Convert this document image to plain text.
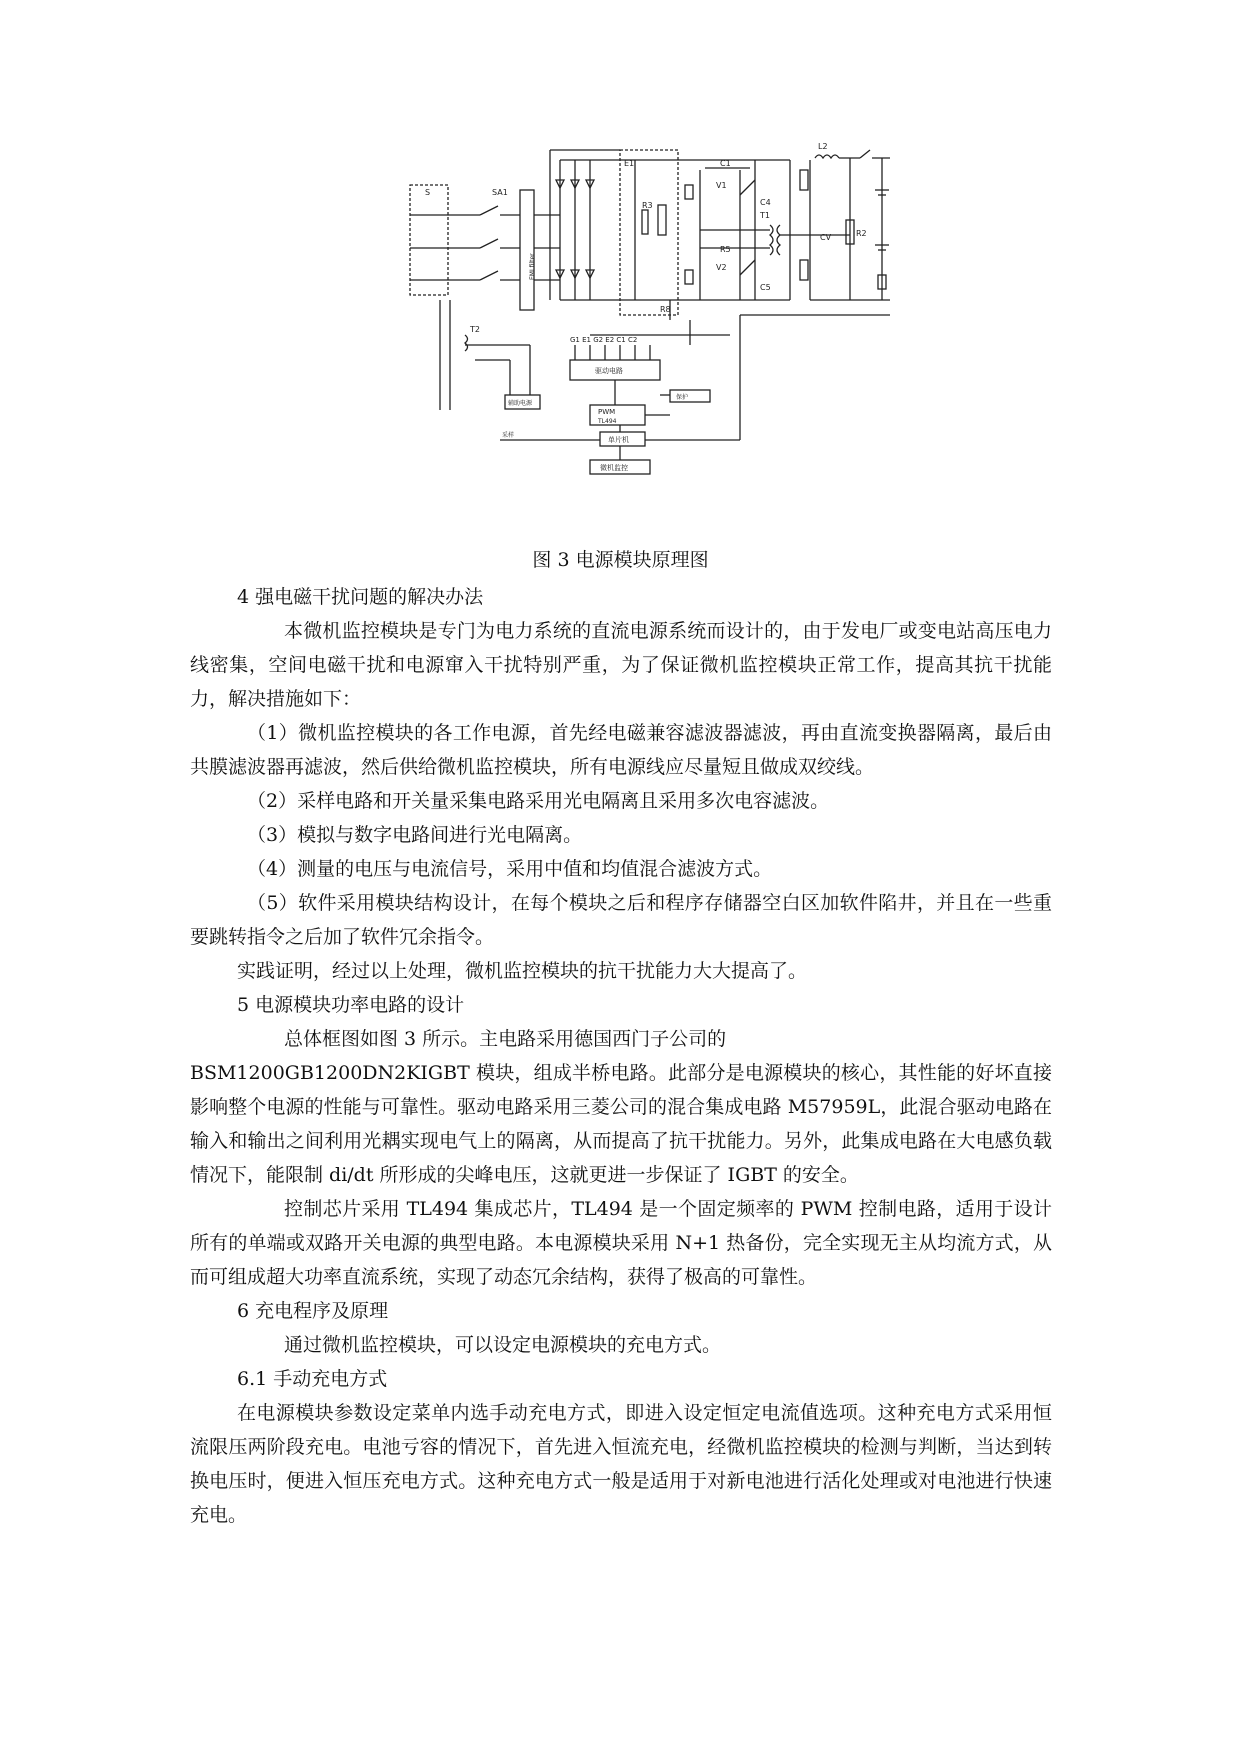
S	SA1
EMI filter
E1	C1
L2
T2
R8
V1
V2
R5
R3	C4
T1
C5
R2
CV
G1 E1 G2 E2 C1 C2
驱动电路
PWM
TL494
单片机
微机监控
辅助电源
采样
保护
图 3 电源模块原理图

4 强电磁干扰问题的解决办法

本微机监控模块是专门为电力系统的直流电源系统而设计的，由于发电厂或变电站高压电力线密集，空间电磁干扰和电源窜入干扰特别严重，为了保证微机监控模块正常工作，提高其抗干扰能力，解决措施如下：

（1）微机监控模块的各工作电源，首先经电磁兼容滤波器滤波，再由直流变换器隔离，最后由共膜滤波器再滤波，然后供给微机监控模块，所有电源线应尽量短且做成双绞线。

（2）采样电路和开关量采集电路采用光电隔离且采用多次电容滤波。

（3）模拟与数字电路间进行光电隔离。

（4）测量的电压与电流信号，采用中值和均值混合滤波方式。

（5）软件采用模块结构设计，在每个模块之后和程序存储器空白区加软件陷井，并且在一些重要跳转指令之后加了软件冗余指令。

实践证明，经过以上处理，微机监控模块的抗干扰能力大大提高了。

5 电源模块功率电路的设计

总体框图如图 3 所示。主电路采用德国西门子公司的

BSM1200GB1200DN2KIGBT 模块，组成半桥电路。此部分是电源模块的核心，其性能的好坏直接影响整个电源的性能与可靠性。驱动电路采用三菱公司的混合集成电路 M57959L，此混合驱动电路在输入和输出之间利用光耦实现电气上的隔离，从而提高了抗干扰能力。另外，此集成电路在大电感负载情况下，能限制 di/dt 所形成的尖峰电压，这就更进一步保证了 IGBT 的安全。

控制芯片采用 TL494 集成芯片，TL494 是一个固定频率的 PWM 控制电路，适用于设计所有的单端或双路开关电源的典型电路。本电源模块采用 N+1 热备份，完全实现无主从均流方式，从而可组成超大功率直流系统，实现了动态冗余结构，获得了极高的可靠性。

6 充电程序及原理

通过微机监控模块，可以设定电源模块的充电方式。

6.1 手动充电方式

在电源模块参数设定菜单内选手动充电方式，即进入设定恒定电流值选项。这种充电方式采用恒流限压两阶段充电。电池亏容的情况下，首先进入恒流充电，经微机监控模块的检测与判断，当达到转换电压时，便进入恒压充电方式。这种充电方式一般是适用于对新电池进行活化处理或对电池进行快速充电。
